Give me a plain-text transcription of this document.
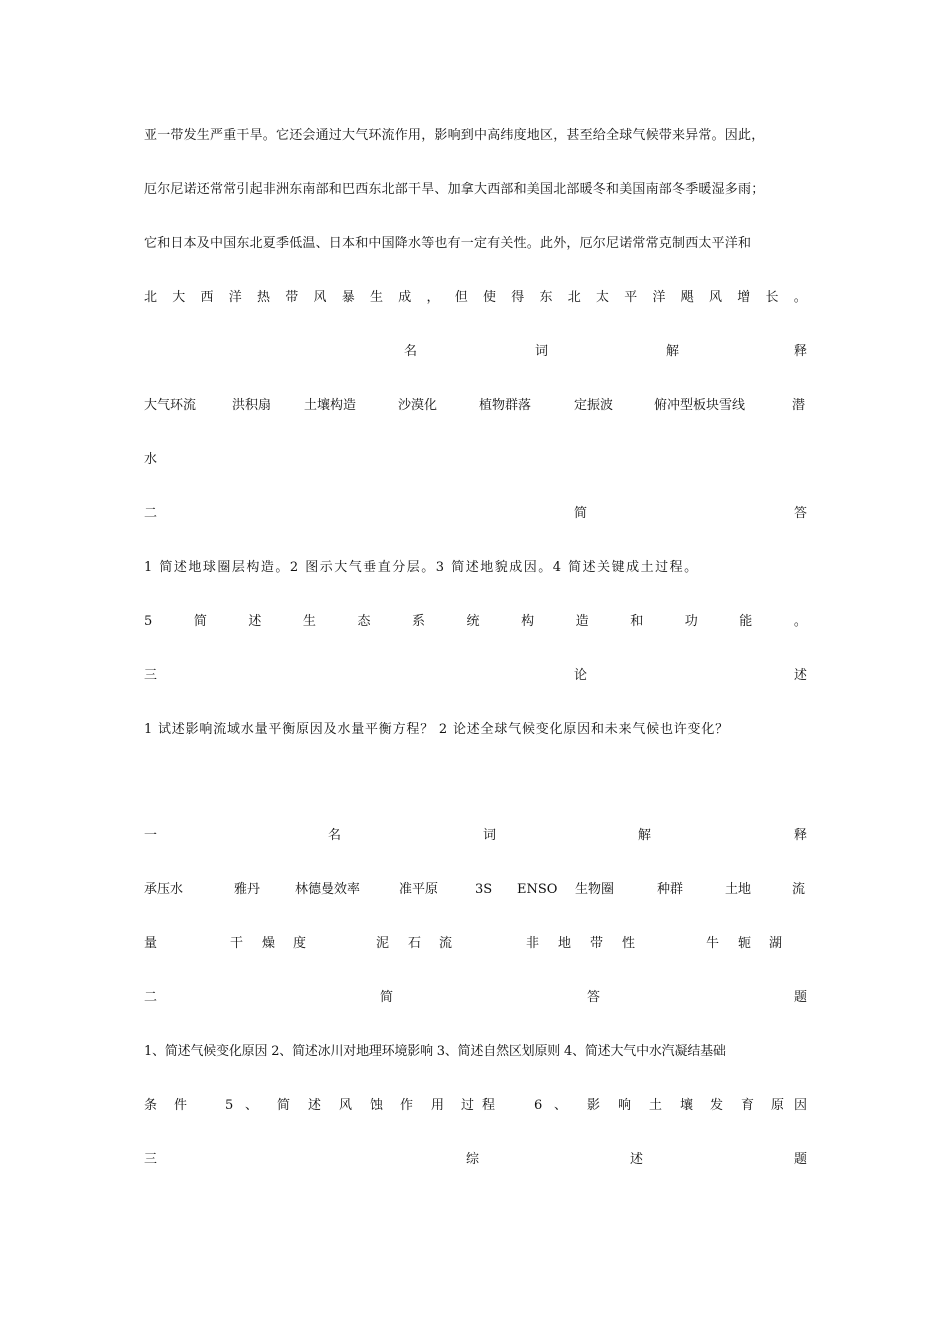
亚一带发生严重干旱。它还会通过大气环流作用，影响到中高纬度地区，甚至给全球气候带来异常。因此，
厄尔尼诺还常常引起非洲东南部和巴西东北部干旱、加拿大西部和美国北部暖冬和美国南部冬季暖湿多雨；
它和日本及中国东北夏季低温、日本和中国降水等也有一定有关性。此外，厄尔尼诺常常克制西太平洋和
北 大 西 洋 热 带 风 暴 生 成 ， 但 使 得 东 北 太 平 洋 飓 风 增 长 。
名	词	解	释
大气环流	洪积扇	土壤构造	沙漠化	植物群落	定振波	俯冲型板块雪线	潜
水
二	简	答
1 简述地球圈层构造。2 图示大气垂直分层。3 简述地貌成因。4 简述关键成土过程。
5	简	述	生	态	系	统	构	造	和	功	能	。
三	论	述
1 试述影响流域水量平衡原因及水量平衡方程？ 2 论述全球气候变化原因和未来气候也许变化？
一	名	词	解	释
承压水	雅丹	林德曼效率	准平原	3S ENSO 生物圈	种群	土地	流
量	干 燥 度	泥 石 流	非 地 带 性	牛 轭 湖
二	简	答	题
1、简述气候变化原因 2、简述冰川对地理环境影响 3、简述自然区划原则 4、简述大气中水汽凝结基础
条 件	5 、 简 述 风 蚀 作 用 过 程	6 、 影 响 土 壤 发 育 原 因
三	综	述	题
